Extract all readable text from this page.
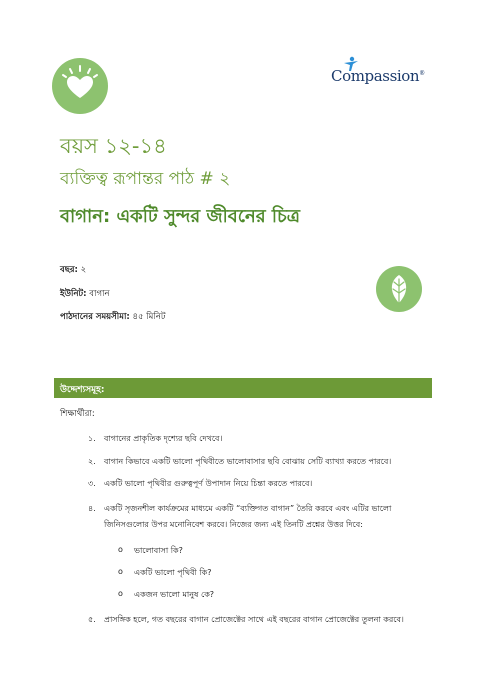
Compassion®
বয়স ১২-১৪
ব্যক্তিত্ব রূপান্তর পাঠ # ২
বাগান: একটি সুন্দর জীবনের চিত্র
বছর: ২
ইউনিট: বাগান
পাঠদানের সময়সীমা: ৪৫ মিনিট
উদ্দেশ্যসমূহ:
শিক্ষার্থীরা:
১. বাগানের প্রাকৃতিক দৃশ্যের ছবি দেখবে।
২. বাগান কিভাবে একটি ভালো পৃথিবীতে ভালোবাসার ছবি বোঝায় সেটি ব্যাখ্যা করতে পারবে।
৩. একটি ভালো পৃথিবীর গুরুত্বপূর্ণ উপাদান নিয়ে চিন্তা করতে পারবে।
৪. একটি সৃজনশীল কার্যক্রমের মাধ্যমে একটি “ব্যক্তিগত বাগান” তৈরি করবে এবং এটির ভালো
জিনিসগুলোর উপর মনোনিবেশ করবে। নিজের জন্য এই তিনটি প্রশ্নের উত্তর দিবে:
o ভালোবাসা কি?
o একটি ভালো পৃথিবী কি?
o একজন ভালো মানুষ কে?
৫. প্রাসঙ্গিক হলে, গত বছরের বাগান প্রোজেক্টের সাথে এই বছরের বাগান প্রোজেক্টের তুলনা করবে।
